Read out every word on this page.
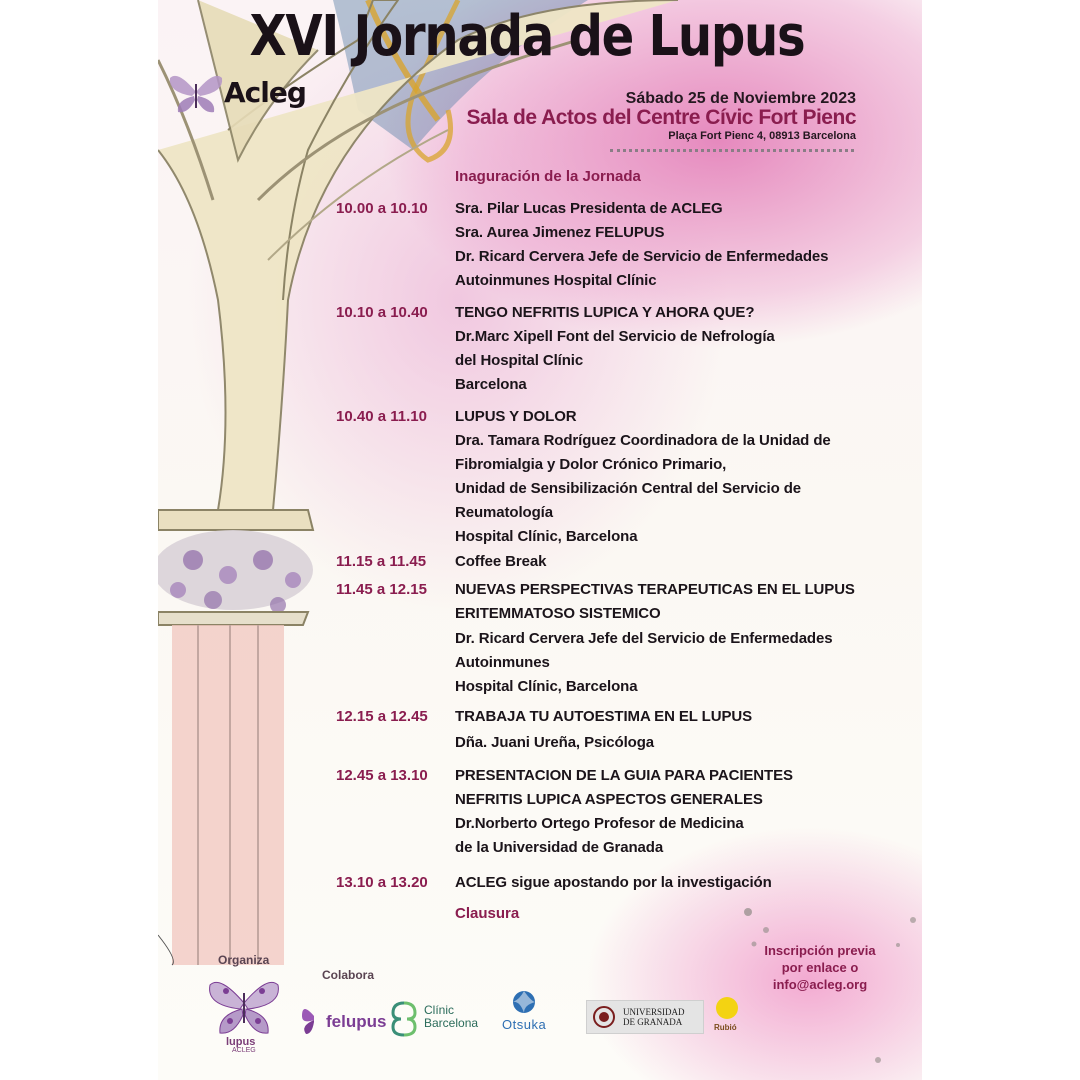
XVI Jornada de Lupus
Acleg	Sábado 25 de Noviembre 2023
Sala de Actos del Centre Cívic Fort Pienc
Plaça Fort Pienc 4, 08913 Barcelona
Inaguración de la Jornada
10.00 a 10.10	Sra. Pilar Lucas Presidenta de ACLEG
Sra. Aurea Jimenez FELUPUS
Dr. Ricard Cervera Jefe de Servicio de Enfermedades
Autoinmunes Hospital Clínic
10.10 a 10.40	TENGO NEFRITIS LUPICA Y AHORA QUE?
Dr.Marc Xipell Font del Servicio de Nefrología
del Hospital Clínic
Barcelona
10.40 a 11.10	LUPUS Y DOLOR
Dra. Tamara Rodríguez Coordinadora de la Unidad de
Fibromialgia y Dolor Crónico Primario,
Unidad de Sensibilización Central del Servicio de
Reumatología
Hospital Clínic, Barcelona
11.15 a 11.45	Coffee Break
11.45 a 12.15	NUEVAS PERSPECTIVAS TERAPEUTICAS EN EL LUPUS
ERITEMMATOSO SISTEMICO
Dr. Ricard Cervera Jefe del Servicio de Enfermedades
Autoinmunes
Hospital Clínic, Barcelona
12.15 a 12.45	TRABAJA TU AUTOESTIMA EN EL LUPUS
Dña. Juani Ureña, Psicóloga
12.45 a 13.10	PRESENTACION DE LA GUIA PARA PACIENTES
NEFRITIS LUPICA ASPECTOS GENERALES
Dr.Norberto Ortego Profesor de Medicina
de la Universidad de Granada
13.10 a 13.20	ACLEG sigue apostando por la investigación
Clausura
Organiza
Colabora
lupus
ACLEG
felupus
Clínic
Barcelona Otsuka
UNIVERSIDAD
DE GRANADA
Rubió
Inscripción previa
por enlace o
info@acleg.org
